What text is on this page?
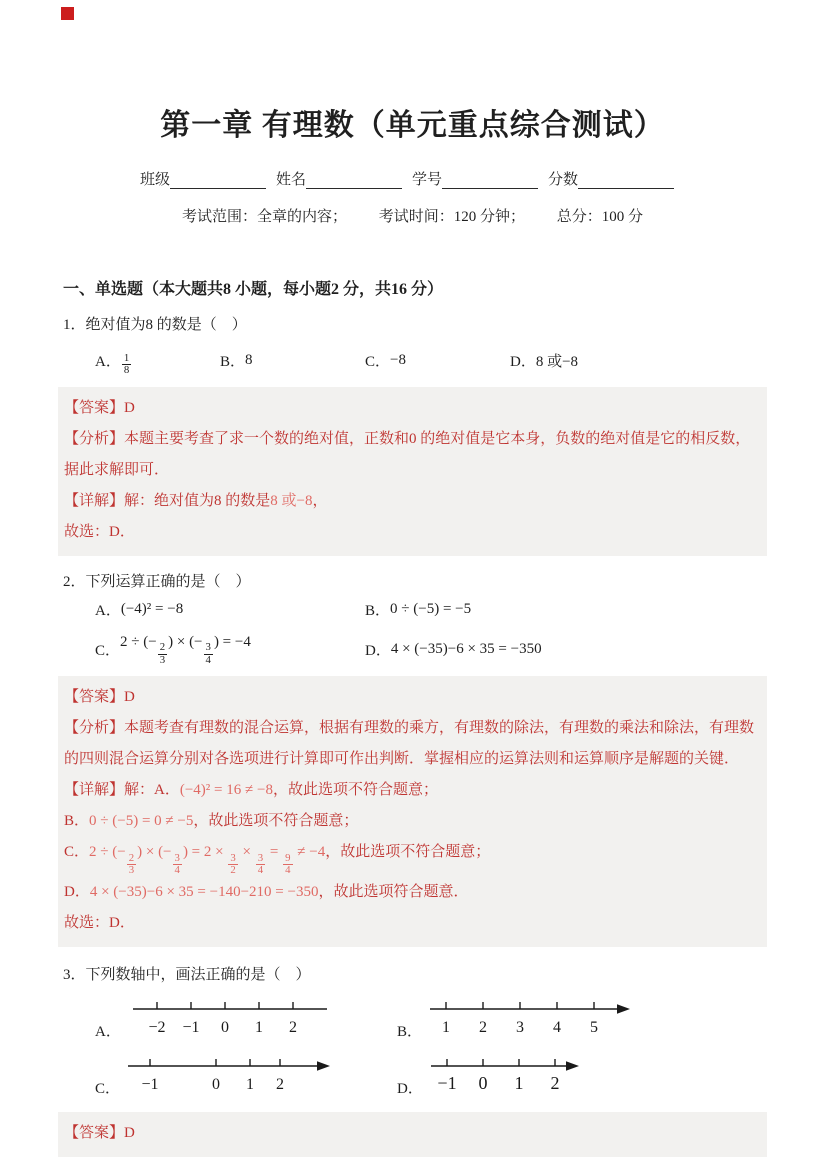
第一章 有理数（单元重点综合测试）
班级	姓名	学号	分数
考试范围：全章的内容； 考试时间：120 分钟； 总分：100 分
一、单选题（本大题共8 小题，每小题2 分，共16 分）
1．绝对值为8 的数是（　）
A． $\frac{1}{8}$	B． 8	C． −8	D． 8 或−8
【答案】D
【分析】本题主要考查了求一个数的绝对值，正数和0 的绝对值是它本身，负数的绝对值是它的相反数，
据此求解即可．
【详解】解：绝对值为8 的数是8 或−8，
故选：D．
2．下列运算正确的是（　）
A． (−4)² = −8	B． 0 ÷ (−5) = −5
C．
2 ÷ (−
$\frac{2}{3}$
) × (−
$\frac{3}{4}$
) = −4
D． 4 × (−35)−6 × 35 = −350
【答案】D
【分析】本题考查有理数的混合运算，根据有理数的乘方，有理数的除法，有理数的乘法和除法，有理数
的四则混合运算分别对各选项进行计算即可作出判断．掌握相应的运算法则和运算顺序是解题的关键．
【详解】解：A．(−4)² = 16 ≠ −8，故此选项不符合题意；
B．0 ÷ (−5) = 0 ≠ −5，故此选项不符合题意；
C．2 ÷ (−
$\frac{2}{3}$
) × (−
$\frac{3}{4}$
) = 2 ×
$\frac{3}{2}$
×
$\frac{3}{4}$
=
$\frac{9}{4}$
≠ −4，故此选项不符合题意；
D．4 × (−35)−6 × 35 = −140−210 = −350，故此选项符合题意．
故选：D．
3．下列数轴中，画法正确的是（　）
A．	−2 −1 0 1 2	B．	1 2 3 4 5
C．	−1	0 1 2	D． −1 0 1 2
【答案】D
